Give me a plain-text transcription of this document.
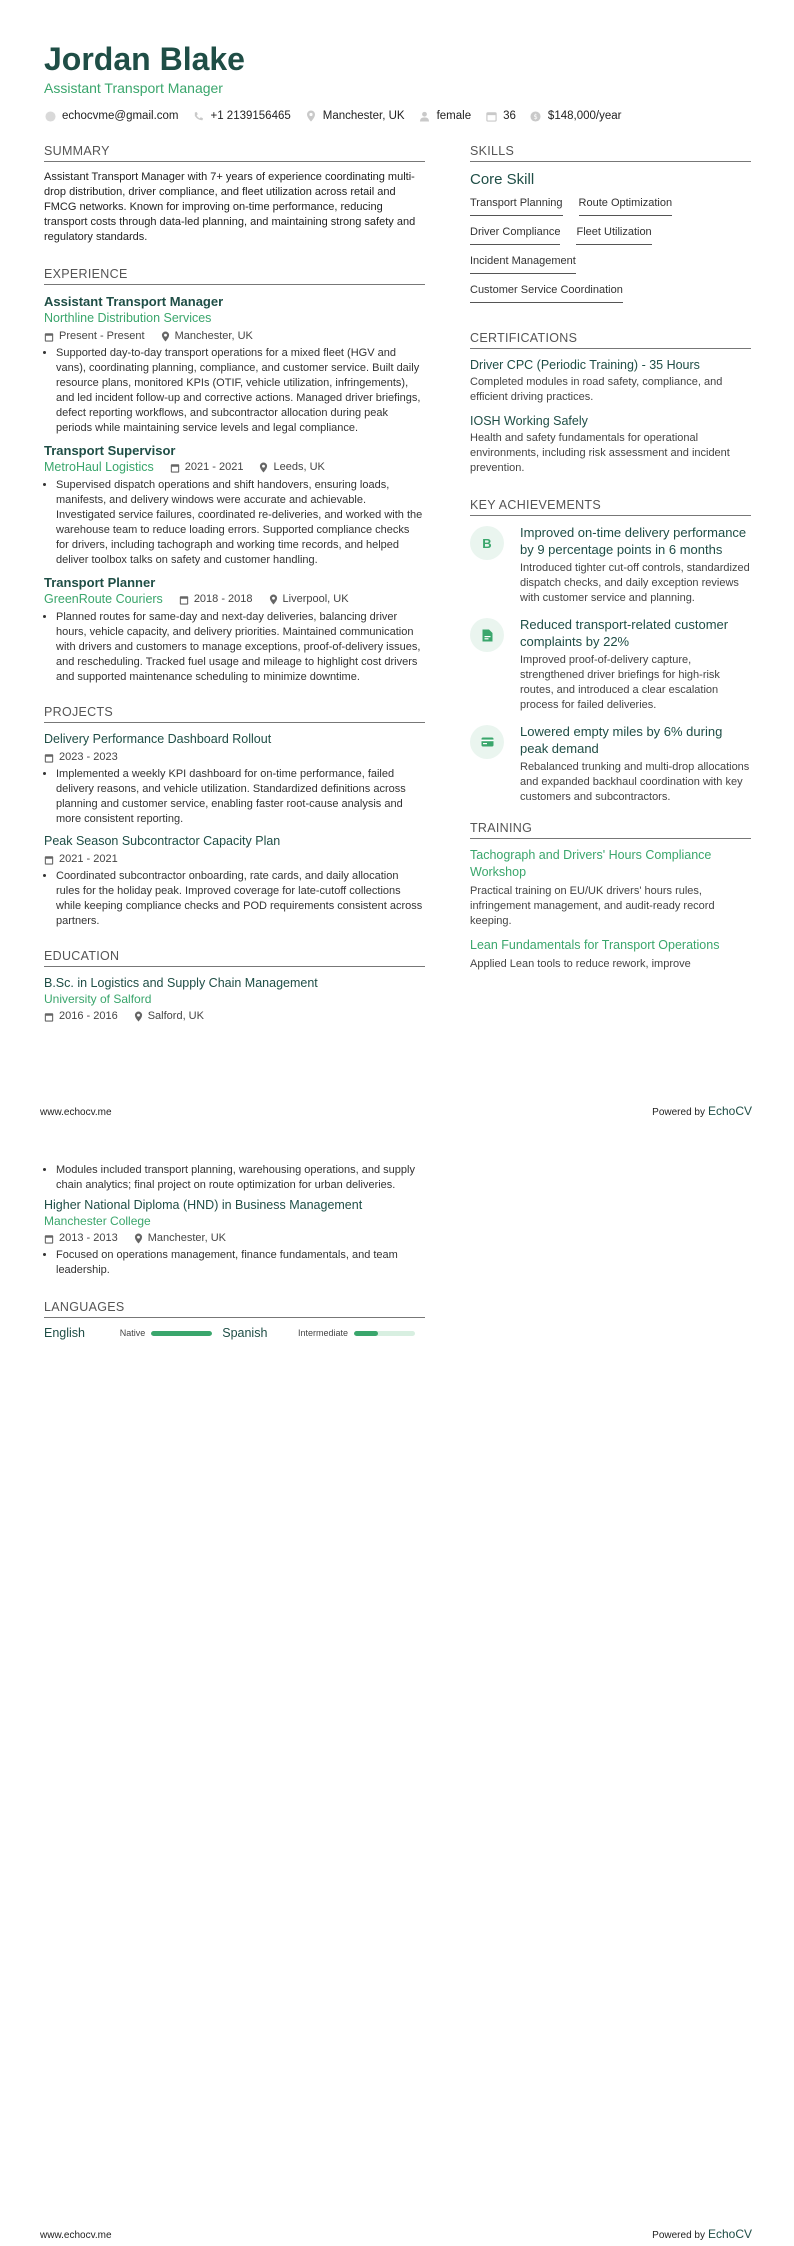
Jordan Blake
Assistant Transport Manager
echocvme@gmail.com	+1 2139156465	Manchester, UK	female	36 $ $148,000/year
SUMMARY
Assistant Transport Manager with 7+ years of experience coordinating multi-drop distribution, driver compliance, and fleet utilization across retail and FMCG networks. Known for improving on-time performance, reducing transport costs through data-led planning, and maintaining strong safety and regulatory standards.
EXPERIENCE
Assistant Transport Manager
Northline Distribution Services
Present - Present	Manchester, UK
• Supported day-to-day transport operations for a mixed fleet (HGV and vans), coordinating planning, compliance, and customer service. Built daily resource plans, monitored KPIs (OTIF, vehicle utilization, infringements), and led incident follow-up and corrective actions. Managed driver briefings, defect reporting workflows, and subcontractor allocation during peak periods while maintaining service levels and legal compliance.
Transport Supervisor
MetroHaul Logistics	2021 - 2021	Leeds, UK
• Supervised dispatch operations and shift handovers, ensuring loads, manifests, and delivery windows were accurate and achievable. Investigated service failures, coordinated re-deliveries, and worked with the warehouse team to reduce loading errors. Supported compliance checks for drivers, including tachograph and working time records, and helped deliver toolbox talks on safety and customer handling.
Transport Planner
GreenRoute Couriers	2018 - 2018	Liverpool, UK
• Planned routes for same-day and next-day deliveries, balancing driver hours, vehicle capacity, and delivery priorities. Maintained communication with drivers and customers to manage exceptions, proof-of-delivery issues, and rescheduling. Tracked fuel usage and mileage to highlight cost drivers and supported maintenance scheduling to minimize downtime.
PROJECTS
Delivery Performance Dashboard Rollout
2023 - 2023
• Implemented a weekly KPI dashboard for on-time performance, failed delivery reasons, and vehicle utilization. Standardized definitions across planning and customer service, enabling faster root-cause analysis and more consistent reporting.
Peak Season Subcontractor Capacity Plan
2021 - 2021
• Coordinated subcontractor onboarding, rate cards, and daily allocation rules for the holiday peak. Improved coverage for late-cutoff collections while keeping compliance checks and POD requirements consistent across partners.
EDUCATION
B.Sc. in Logistics and Supply Chain Management
University of Salford
2016 - 2016	Salford, UK
SKILLS
Core Skill
Transport Planning Route Optimization
Driver Compliance Fleet Utilization
Incident Management
Customer Service Coordination
CERTIFICATIONS
Driver CPC (Periodic Training) - 35 Hours
Completed modules in road safety, compliance, and efficient driving practices.
IOSH Working Safely
Health and safety fundamentals for operational environments, including risk assessment and incident prevention.
KEY ACHIEVEMENTS
B
Improved on-time delivery performance by 9 percentage points in 6 months
Introduced tighter cut-off controls, standardized dispatch checks, and daily exception reviews with customer service and planning.
Reduced transport-related customer complaints by 22%
Improved proof-of-delivery capture, strengthened driver briefings for high-risk routes, and introduced a clear escalation process for failed deliveries.
Lowered empty miles by 6% during peak demand
Rebalanced trunking and multi-drop allocations and expanded backhaul coordination with key customers and subcontractors.
TRAINING
Tachograph and Drivers' Hours Compliance Workshop
Practical training on EU/UK drivers' hours rules, infringement management, and audit-ready record keeping.
Lean Fundamentals for Transport Operations
Applied Lean tools to reduce rework, improve
www.echocv.me	Powered by EchoCV
• Modules included transport planning, warehousing operations, and supply chain analytics; final project on route optimization for urban deliveries.
Higher National Diploma (HND) in Business Management
Manchester College
2013 - 2013	Manchester, UK
• Focused on operations management, finance fundamentals, and team leadership.
LANGUAGES
English	Native	Spanish	Intermediate
www.echocv.me	Powered by EchoCV
